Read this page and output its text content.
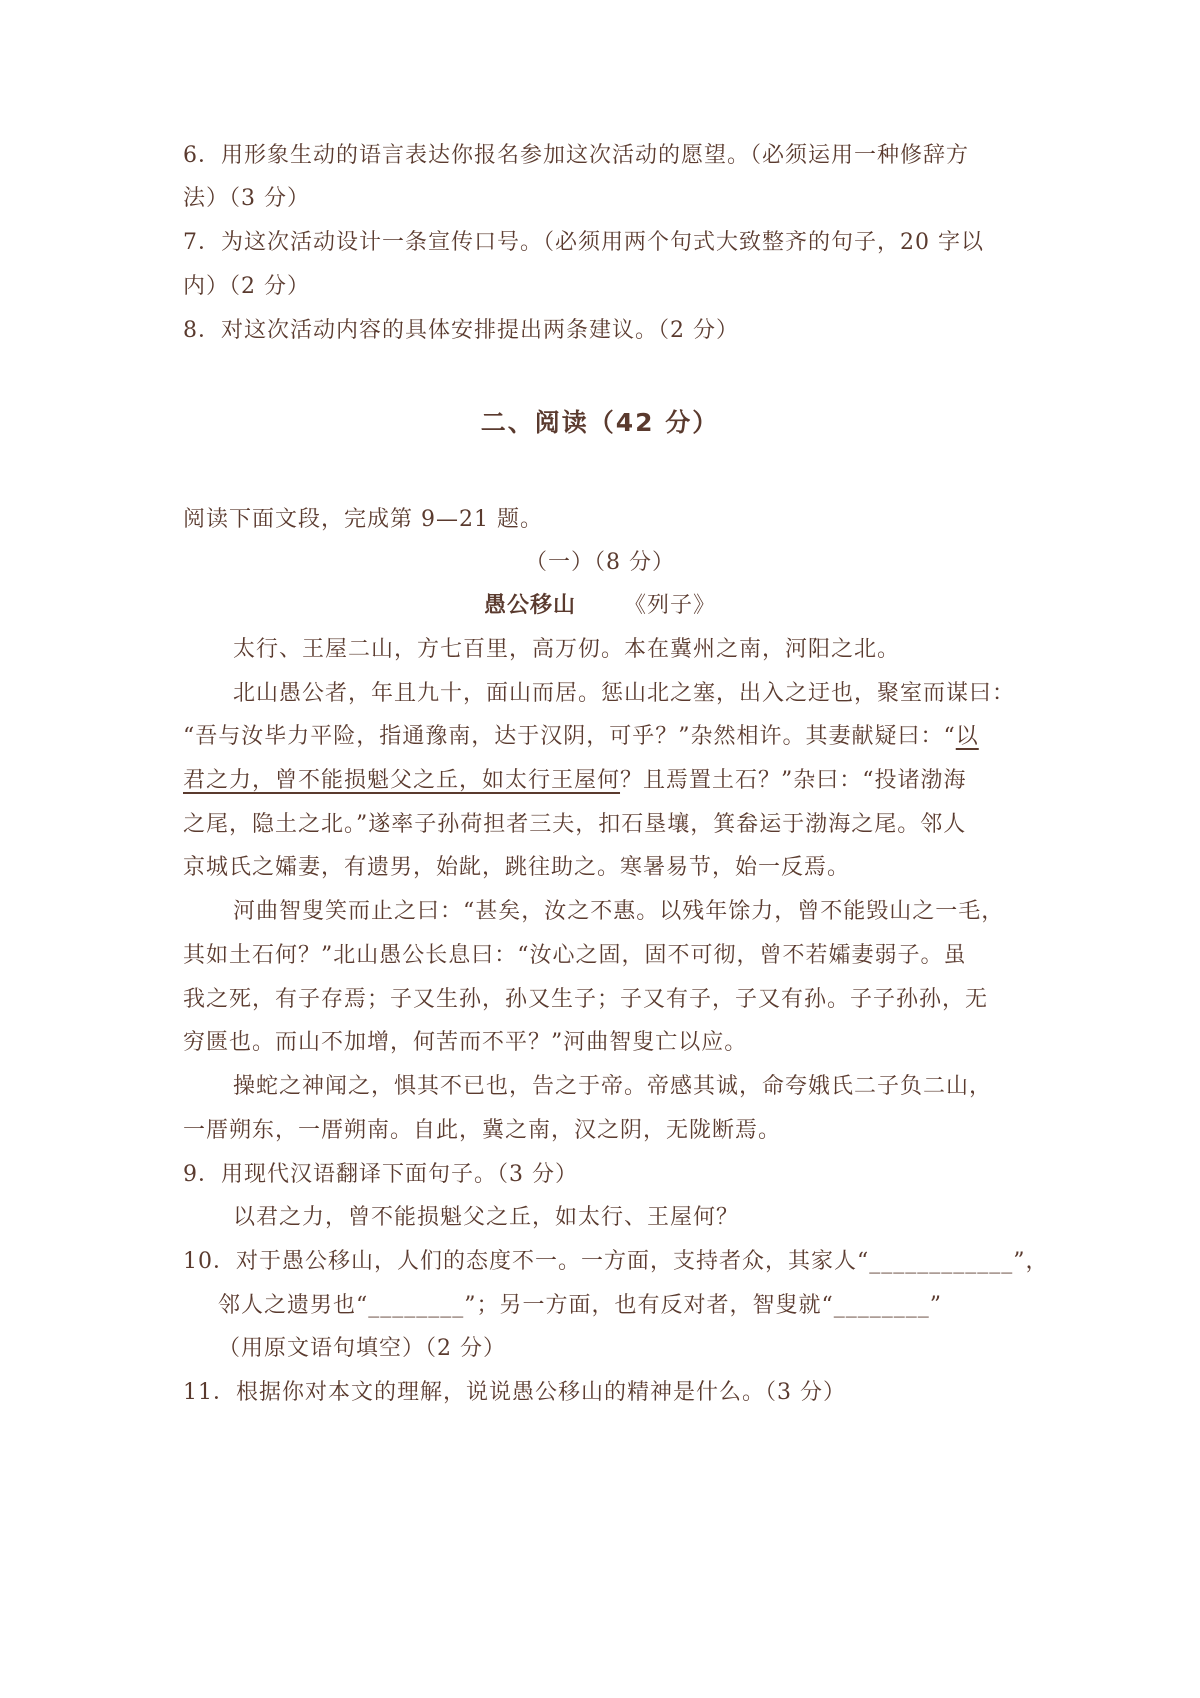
6．用形象生动的语言表达你报名参加这次活动的愿望。（必须运用一种修辞方
法）（3 分）
7．为这次活动设计一条宣传口号。（必须用两个句式大致整齐的句子，20 字以
内）（2 分）
8．对这次活动内容的具体安排提出两条建议。（2 分）
二、阅读（42 分）
阅读下面文段，完成第 9—21 题。
（一）（8 分）
愚公移山 《列子》
太行、王屋二山，方七百里，高万仞。本在冀州之南，河阳之北。
北山愚公者，年且九十，面山而居。惩山北之塞，出入之迂也，聚室而谋曰：
“吾与汝毕力平险，指通豫南，达于汉阴，可乎？”杂然相许。其妻献疑曰：“以
君之力，曾不能损魁父之丘，如太行王屋何？且焉置土石？”杂曰：“投诸渤海
之尾，隐土之北。”遂率子孙荷担者三夫，扣石垦壤，箕畚运于渤海之尾。邻人
京城氏之孀妻，有遗男，始龀，跳往助之。寒暑易节，始一反焉。
河曲智叟笑而止之曰：“甚矣，汝之不惠。以残年馀力，曾不能毁山之一毛，
其如土石何？”北山愚公长息曰：“汝心之固，固不可彻，曾不若孀妻弱子。虽
我之死，有子存焉；子又生孙，孙又生子；子又有子，子又有孙。子子孙孙，无
穷匮也。而山不加增，何苦而不平？”河曲智叟亡以应。
操蛇之神闻之，惧其不已也，告之于帝。帝感其诚，命夸娥氏二子负二山，
一厝朔东，一厝朔南。自此，冀之南，汉之阴，无陇断焉。
9．用现代汉语翻译下面句子。（3 分）
以君之力，曾不能损魁父之丘，如太行、王屋何？
10．对于愚公移山，人们的态度不一。一方面，支持者众，其家人“____________”，
邻人之遗男也“________”；另一方面，也有反对者，智叟就“________”
（用原文语句填空）（2 分）
11．根据你对本文的理解，说说愚公移山的精神是什么。（3 分）
